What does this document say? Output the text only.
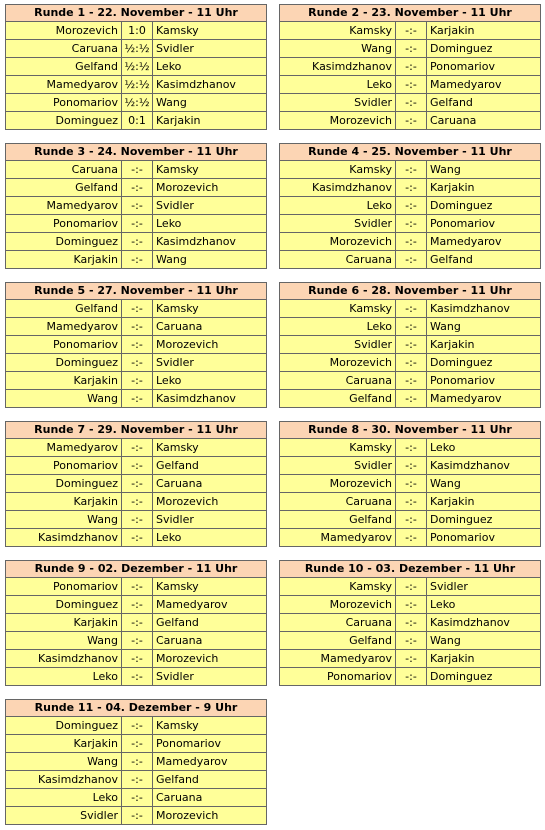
Runde 1 - 22. November - 11 Uhr		
Morozevich	1:0	Kamsky
Caruana	½:½	Svidler
Gelfand	½:½	Leko
Mamedyarov	½:½	Kasimdzhanov
Ponomariov	½:½	Wang
Dominguez	0:1	Karjakin
Runde 2 - 23. November - 11 Uhr		
Kamsky	-:-	Karjakin
Wang	-:-	Dominguez
Kasimdzhanov	-:-	Ponomariov
Leko	-:-	Mamedyarov
Svidler	-:-	Gelfand
Morozevich	-:-	Caruana
Runde 3 - 24. November - 11 Uhr		
Caruana	-:-	Kamsky
Gelfand	-:-	Morozevich
Mamedyarov	-:-	Svidler
Ponomariov	-:-	Leko
Dominguez	-:-	Kasimdzhanov
Karjakin	-:-	Wang
Runde 4 - 25. November - 11 Uhr		
Kamsky	-:-	Wang
Kasimdzhanov	-:-	Karjakin
Leko	-:-	Dominguez
Svidler	-:-	Ponomariov
Morozevich	-:-	Mamedyarov
Caruana	-:-	Gelfand
Runde 5 - 27. November - 11 Uhr		
Gelfand	-:-	Kamsky
Mamedyarov	-:-	Caruana
Ponomariov	-:-	Morozevich
Dominguez	-:-	Svidler
Karjakin	-:-	Leko
Wang	-:-	Kasimdzhanov
Runde 6 - 28. November - 11 Uhr		
Kamsky	-:-	Kasimdzhanov
Leko	-:-	Wang
Svidler	-:-	Karjakin
Morozevich	-:-	Dominguez
Caruana	-:-	Ponomariov
Gelfand	-:-	Mamedyarov
Runde 7 - 29. November - 11 Uhr		
Mamedyarov	-:-	Kamsky
Ponomariov	-:-	Gelfand
Dominguez	-:-	Caruana
Karjakin	-:-	Morozevich
Wang	-:-	Svidler
Kasimdzhanov	-:-	Leko
Runde 8 - 30. November - 11 Uhr		
Kamsky	-:-	Leko
Svidler	-:-	Kasimdzhanov
Morozevich	-:-	Wang
Caruana	-:-	Karjakin
Gelfand	-:-	Dominguez
Mamedyarov	-:-	Ponomariov
Runde 9 - 02. Dezember - 11 Uhr		
Ponomariov	-:-	Kamsky
Dominguez	-:-	Mamedyarov
Karjakin	-:-	Gelfand
Wang	-:-	Caruana
Kasimdzhanov	-:-	Morozevich
Leko	-:-	Svidler
Runde 10 - 03. Dezember - 11 Uhr		
Kamsky	-:-	Svidler
Morozevich	-:-	Leko
Caruana	-:-	Kasimdzhanov
Gelfand	-:-	Wang
Mamedyarov	-:-	Karjakin
Ponomariov	-:-	Dominguez
Runde 11 - 04. Dezember - 9 Uhr		
Dominguez	-:-	Kamsky
Karjakin	-:-	Ponomariov
Wang	-:-	Mamedyarov
Kasimdzhanov	-:-	Gelfand
Leko	-:-	Caruana
Svidler	-:-	Morozevich
